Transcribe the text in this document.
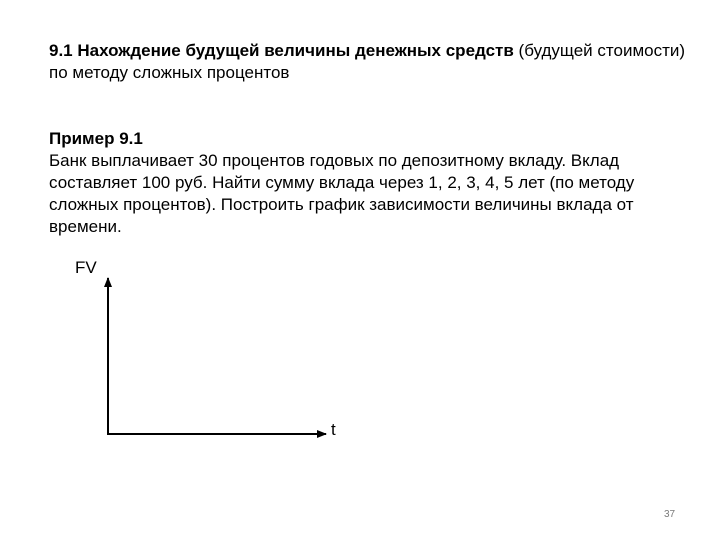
9.1 Нахождение будущей величины денежных средств (будущей стоимости) по методу сложных процентов
Пример 9.1
Банк выплачивает 30 процентов годовых по депозитному вкладу. Вклад составляет 100 руб. Найти сумму вклада через 1, 2, 3, 4, 5 лет (по методу сложных процентов). Построить график зависимости величины вклада от времени.
FV
t
37
